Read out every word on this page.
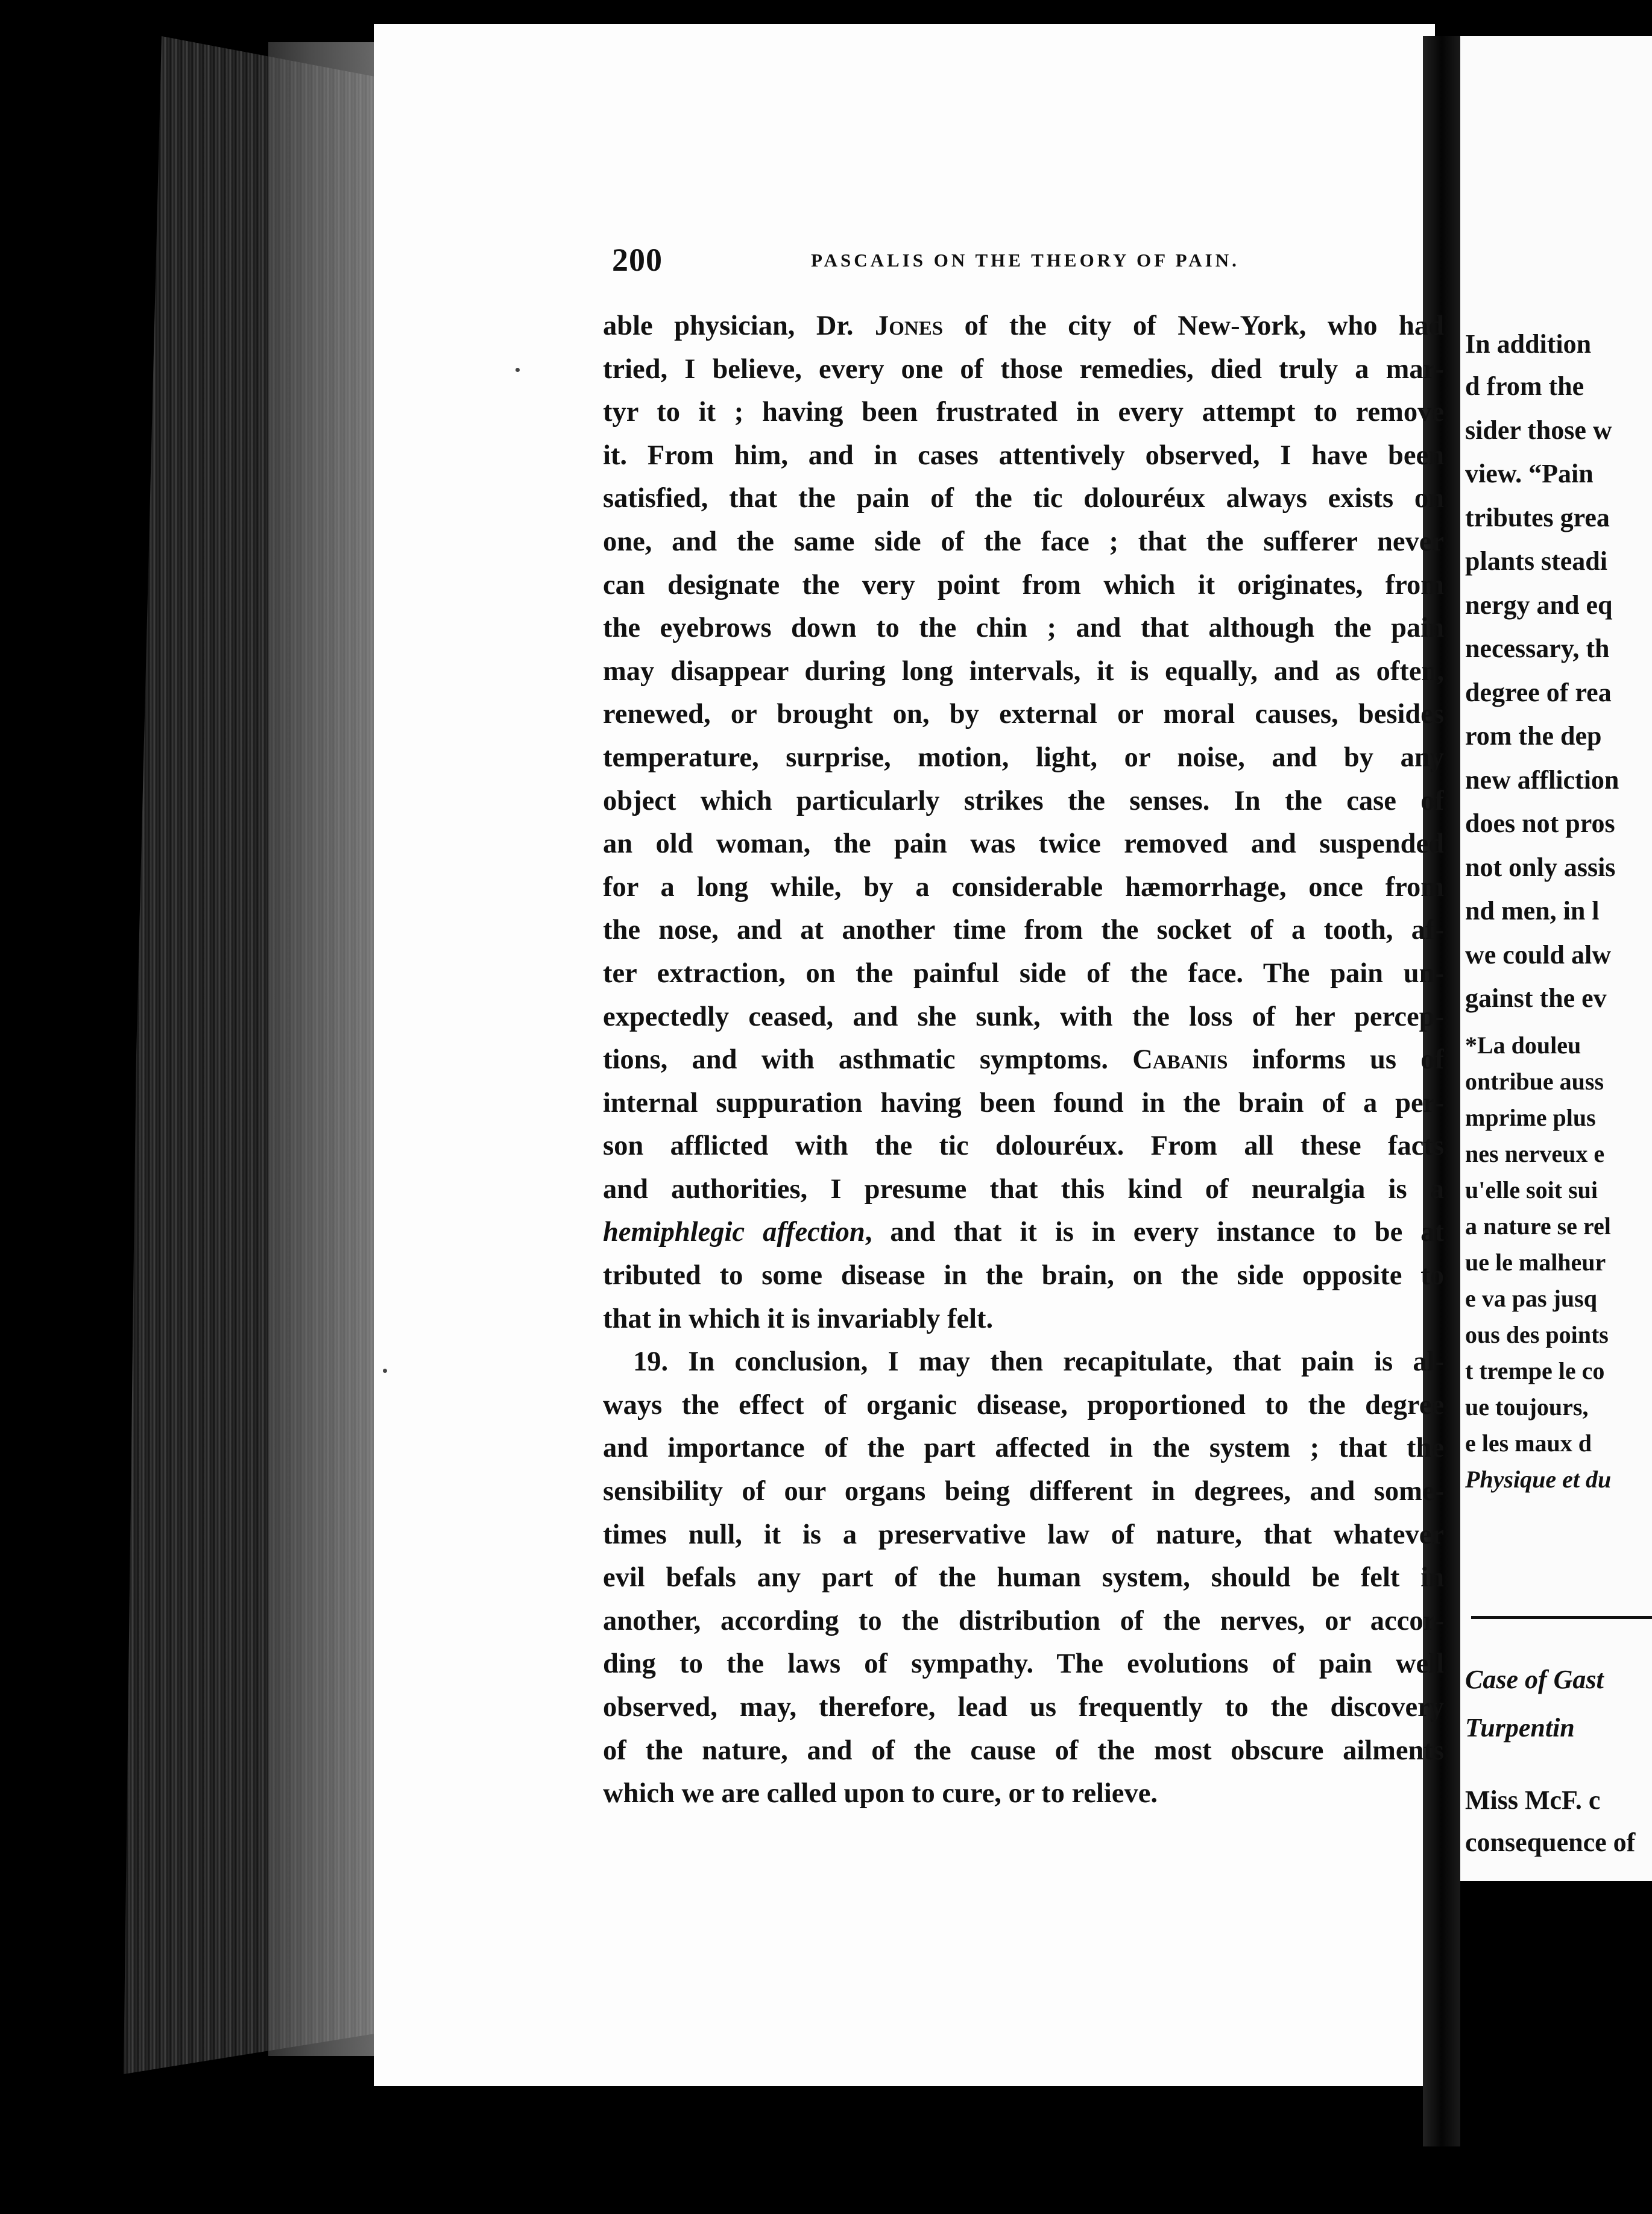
200	PASCALIS ON THE THEORY OF PAIN.
able physician, Dr. Jones of the city of New-York, who had
tried, I believe, every one of those remedies, died truly a mar-
tyr to it ; having been frustrated in every attempt to remove
it. From him, and in cases attentively observed, I have been
satisfied, that the pain of the tic dolouréux always exists on
one, and the same side of the face ; that the sufferer never
can designate the very point from which it originates, from
the eyebrows down to the chin ; and that although the pain
may disappear during long intervals, it is equally, and as often,
renewed, or brought on, by external or moral causes, besides
temperature, surprise, motion, light, or noise, and by any
object which particularly strikes the senses. In the case of
an old woman, the pain was twice removed and suspended
for a long while, by a considerable hæmorrhage, once from
the nose, and at another time from the socket of a tooth, af-
ter extraction, on the painful side of the face. The pain un-
expectedly ceased, and she sunk, with the loss of her percep-
tions, and with asthmatic symptoms. Cabanis informs us of
internal suppuration having been found in the brain of a per-
son afflicted with the tic dolouréux. From all these facts
and authorities, I presume that this kind of neuralgia is a
hemiphlegic affection, and that it is in every instance to be at
tributed to some disease in the brain, on the side opposite to
that in which it is invariably felt.
19. In conclusion, I may then recapitulate, that pain is al-
ways the effect of organic disease, proportioned to the degree
and importance of the part affected in the system ; that the
sensibility of our organs being different in degrees, and some-
times null, it is a preservative law of nature, that whatever
evil befals any part of the human system, should be felt in
another, according to the distribution of the nerves, or accor-
ding to the laws of sympathy. The evolutions of pain well
observed, may, therefore, lead us frequently to the discovery
of the nature, and of the cause of the most obscure ailments
which we are called upon to cure, or to relieve.
In addition
d from the
sider those w
view. “Pain
tributes grea
plants steadi
nergy and eq
necessary, th
degree of rea
rom the dep
new affliction
does not pros
not only assis
nd men, in l
we could alw
gainst the ev
*La douleu
ontribue auss
mprime plus
nes nerveux e
u'elle soit sui
a nature se rel
ue le malheur
e va pas jusq
ous des points
t trempe le co
ue toujours,
e les maux d
Physique et du
Case of Gast
Turpentin
Miss McF. c
consequence of
